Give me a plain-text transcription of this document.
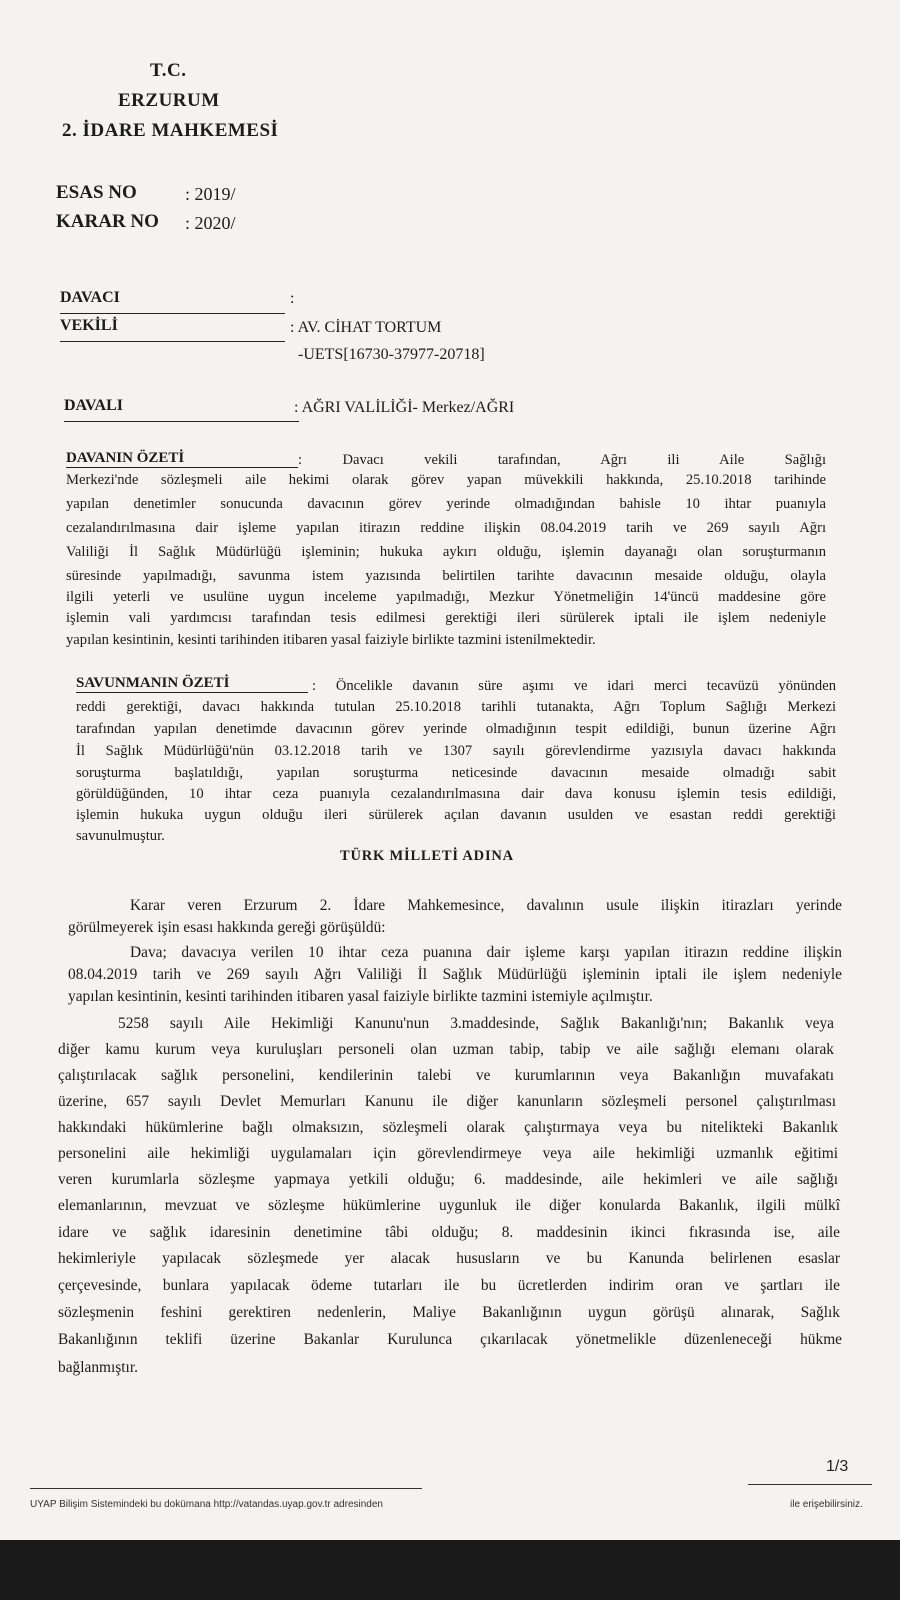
T.C.
ERZURUM
2. İDARE MAHKEMESİ
ESAS NO	: 2019/
KARAR NO : 2020/
DAVACI	:
VEKİLİ	: AV. CİHAT TORTUM
-UETS[16730-37977-20718]
DAVALI	: AĞRI VALİLİĞİ- Merkez/AĞRI
DAVANIN ÖZETİ	: Davacı vekili tarafından, Ağrı ili Aile Sağlığı
Merkezi'nde sözleşmeli aile hekimi olarak görev yapan müvekkili hakkında, 25.10.2018 tarihinde
yapılan denetimler sonucunda davacının görev yerinde olmadığından bahisle 10 ihtar puanıyla
cezalandırılmasına dair işleme yapılan itirazın reddine ilişkin 08.04.2019 tarih ve 269 sayılı Ağrı
Valiliği İl Sağlık Müdürlüğü işleminin; hukuka aykırı olduğu, işlemin dayanağı olan soruşturmanın
süresinde yapılmadığı, savunma istem yazısında belirtilen tarihte davacının mesaide olduğu, olayla
ilgili yeterli ve usulüne uygun inceleme yapılmadığı, Mezkur Yönetmeliğin 14'üncü maddesine göre
işlemin vali yardımcısı tarafından tesis edilmesi gerektiği ileri sürülerek iptali ile işlem nedeniyle
yapılan kesintinin, kesinti tarihinden itibaren yasal faiziyle birlikte tazmini istenilmektedir.
SAVUNMANIN ÖZETİ	: Öncelikle davanın süre aşımı ve idari merci tecavüzü yönünden
reddi gerektiği, davacı hakkında tutulan 25.10.2018 tarihli tutanakta, Ağrı Toplum Sağlığı Merkezi
tarafından yapılan denetimde davacının görev yerinde olmadığının tespit edildiği, bunun üzerine Ağrı
İl Sağlık Müdürlüğü'nün 03.12.2018 tarih ve 1307 sayılı görevlendirme yazısıyla davacı hakkında
soruşturma başlatıldığı, yapılan soruşturma neticesinde davacının mesaide olmadığı sabit
görüldüğünden, 10 ihtar ceza puanıyla cezalandırılmasına dair dava konusu işlemin tesis edildiği,
işlemin hukuka uygun olduğu ileri sürülerek açılan davanın usulden ve esastan reddi gerektiği
savunulmuştur.
TÜRK MİLLETİ ADINA
Karar veren Erzurum 2. İdare Mahkemesince, davalının usule ilişkin itirazları yerinde
görülmeyerek işin esası hakkında gereği görüşüldü:
Dava; davacıya verilen 10 ihtar ceza puanına dair işleme karşı yapılan itirazın reddine ilişkin
08.04.2019 tarih ve 269 sayılı Ağrı Valiliği İl Sağlık Müdürlüğü işleminin iptali ile işlem nedeniyle
yapılan kesintinin, kesinti tarihinden itibaren yasal faiziyle birlikte tazmini istemiyle açılmıştır.
5258 sayılı Aile Hekimliği Kanunu'nun 3.maddesinde, Sağlık Bakanlığı'nın; Bakanlık veya
diğer kamu kurum veya kuruluşları personeli olan uzman tabip, tabip ve aile sağlığı elemanı olarak
çalıştırılacak sağlık personelini, kendilerinin talebi ve kurumlarının veya Bakanlığın muvafakatı
üzerine, 657 sayılı Devlet Memurları Kanunu ile diğer kanunların sözleşmeli personel çalıştırılması
hakkındaki hükümlerine bağlı olmaksızın, sözleşmeli olarak çalıştırmaya veya bu nitelikteki Bakanlık
personelini aile hekimliği uygulamaları için görevlendirmeye veya aile hekimliği uzmanlık eğitimi
veren kurumlarla sözleşme yapmaya yetkili olduğu; 6. maddesinde, aile hekimleri ve aile sağlığı
elemanlarının, mevzuat ve sözleşme hükümlerine uygunluk ile diğer konularda Bakanlık, ilgili mülkî
idare ve sağlık idaresinin denetimine tâbi olduğu; 8. maddesinin ikinci fıkrasında ise, aile
hekimleriyle yapılacak sözleşmede yer alacak hususların ve bu Kanunda belirlenen esaslar
çerçevesinde, bunlara yapılacak ödeme tutarları ile bu ücretlerden indirim oran ve şartları ile
sözleşmenin feshini gerektiren nedenlerin, Maliye Bakanlığının uygun görüşü alınarak, Sağlık
Bakanlığının teklifi üzerine Bakanlar Kurulunca çıkarılacak yönetmelikle düzenleneceği hükme
bağlanmıştır.
1/3
UYAP Bilişim Sistemindeki bu dokümana http://vatandas.uyap.gov.tr adresinden	ile erişebilirsiniz.
